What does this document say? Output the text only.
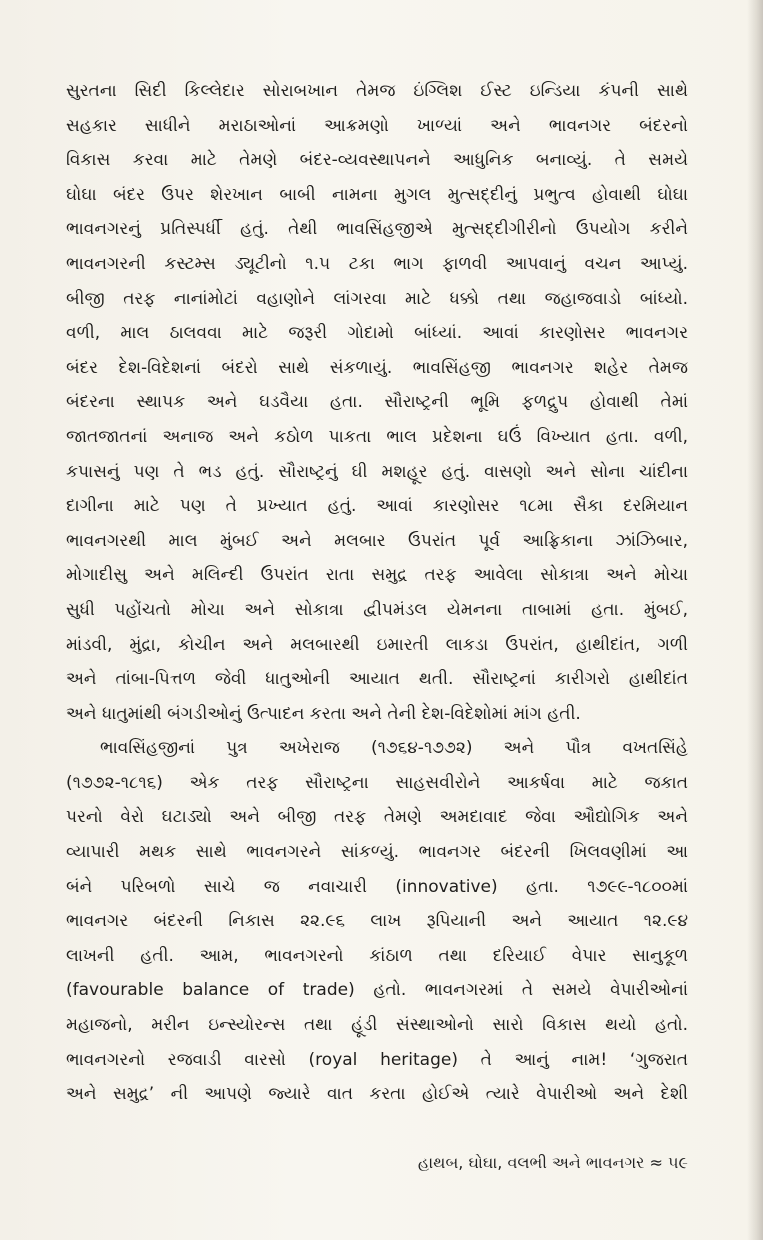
સુરતના સિદી કિલ્લેદાર સોરાબખાન તેમજ ઇંગ્લિશ ઈસ્ટ ઇન્ડિયા કંપની સાથે
સહકાર સાધીને મરાઠાઓનાં આક્રમણો ખાળ્યાં અને ભાવનગર બંદરનો
વિકાસ કરવા માટે તેમણે બંદર-વ્યવસ્થાપનને આધુનિક બનાવ્યું. તે સમયે
ઘોઘા બંદર ઉપર શેરખાન બાબી નામના મુગલ મુત્સદ્દીનું પ્રભુત્વ હોવાથી ઘોઘા
ભાવનગરનું પ્રતિસ્પર્ધી હતું. તેથી ભાવસિંહજીએ મુત્સદ્દીગીરીનો ઉપયોગ કરીને
ભાવનગરની કસ્ટમ્સ ડ્યૂટીનો ૧.૫ ટકા ભાગ ફાળવી આપવાનું વચન આપ્યું.
બીજી તરફ નાનાંમોટાં વહાણોને લાંગરવા માટે ધક્કો તથા જહાજવાડો બાંધ્યો.
વળી, માલ ઠાલવવા માટે જરૂરી ગોદામો બાંધ્યાં. આવાં કારણોસર ભાવનગર
બંદર દેશ-વિદેશનાં બંદરો સાથે સંકળાયું. ભાવસિંહજી ભાવનગર શહેર તેમજ
બંદરના સ્થાપક અને ઘડવૈયા હતા. સૌરાષ્ટ્રની ભૂમિ ફળદ્રુપ હોવાથી તેમાં
જાતજાતનાં અનાજ અને કઠોળ પાકતા ભાલ પ્રદેશના ઘઉં વિખ્યાત હતા. વળી,
કપાસનું પણ તે ભડ હતું. સૌરાષ્ટ્રનું ઘી મશહૂર હતું. વાસણો અને સોના ચાંદીના
દાગીના માટે પણ તે પ્રખ્યાત હતું. આવાં કારણોસર ૧૮મા સૈકા દરમિયાન
ભાવનગરથી માલ મુંબઈ અને મલબાર ઉપરાંત પૂર્વ આફ્રિકાના ઝાંઝિબાર,
મોગાદીસુ અને મલિન્દી ઉપરાંત રાતા સમુદ્ર તરફ આવેલા સોકાત્રા અને મોચા
સુધી પહોંચતો મોચા અને સોકાત્રા દ્વીપમંડલ યેમનના તાબામાં હતા. મુંબઈ,
માંડવી, મુંદ્રા, કોચીન અને મલબારથી ઇમારતી લાકડા ઉપરાંત, હાથીદાંત, ગળી
અને તાંબા-પિત્તળ જેવી ધાતુઓની આયાત થતી. સૌરાષ્ટ્રનાં કારીગરો હાથીદાંત
અને ધાતુમાંથી બંગડીઓનું ઉત્પાદન કરતા અને તેની દેશ-વિદેશોમાં માંગ હતી.
ભાવસિંહજીનાં પુત્ર અખેરાજ (૧૭૬૪-૧૭૭૨) અને પૌત્ર વખતસિંહે
(૧૭૭૨-૧૮૧૬) એક તરફ સૌરાષ્ટ્રના સાહસવીરોને આકર્ષવા માટે જકાત
પરનો વેરો ઘટાડ્યો અને બીજી તરફ તેમણે અમદાવાદ જેવા ઔદ્યોગિક અને
વ્યાપારી મથક સાથે ભાવનગરને સાંકળ્યું. ભાવનગર બંદરની ખિલવણીમાં આ
બંને પરિબળો સાચે જ નવાચારી (innovative) હતા. ૧૭૯૯-૧૮૦૦માં
ભાવનગર બંદરની નિકાસ ૨૨.૯૬ લાખ રૂપિયાની અને આયાત ૧૨.૯૪
લાખની હતી. આમ, ભાવનગરનો કાંઠાળ તથા દરિયાઈ વેપાર સાનુકૂળ
(favourable balance of trade) હતો. ભાવનગરમાં તે સમયે વેપારીઓનાં
મહાજનો, મરીન ઇન્સ્યોરન્સ તથા હૂંડી સંસ્થાઓનો સારો વિકાસ થયો હતો.
ભાવનગરનો રજવાડી વારસો (royal heritage) તે આનું નામ! ‘ગુજરાત
અને સમુદ્ર’ ની આપણે જ્યારે વાત કરતા હોઈએ ત્યારે વેપારીઓ અને દેશી
હાથબ, ઘોઘા, વલભી અને ભાવનગર ≈ ૫૯
